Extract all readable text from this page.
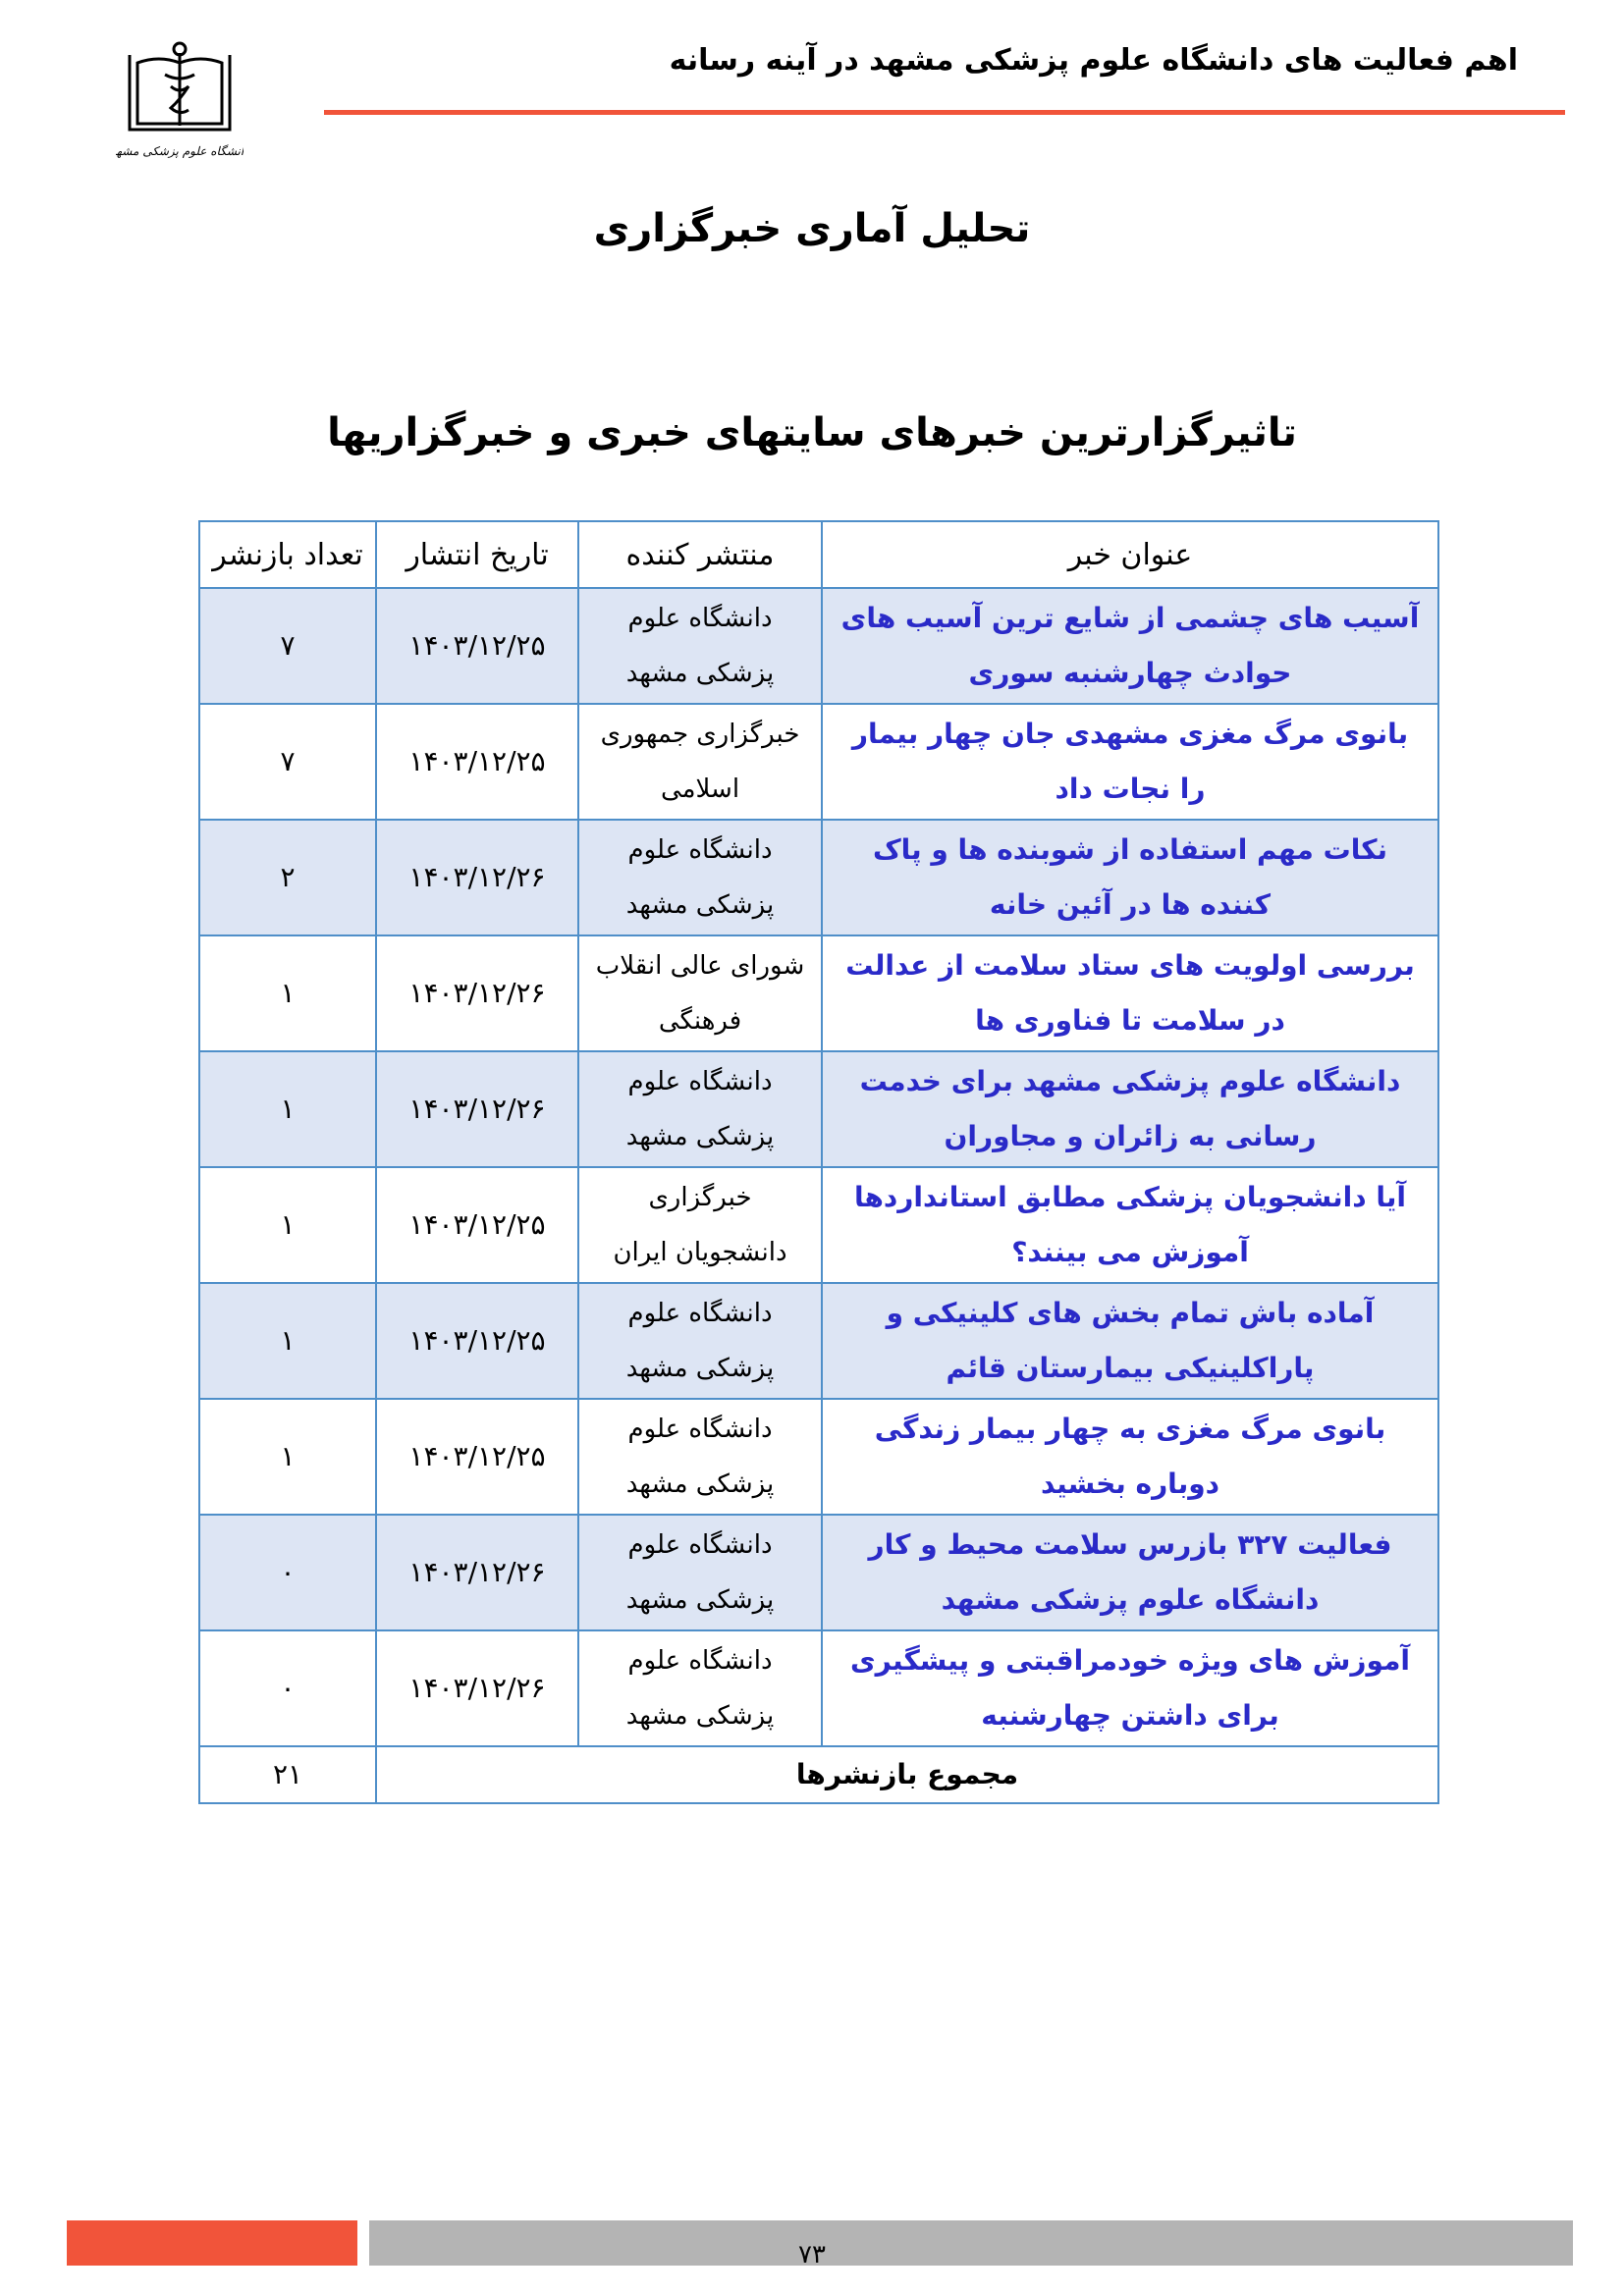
اهم فعالیت های دانشگاه علوم پزشکی مشهد در آینه رسانه
دانشگاه علوم پزشکی مشهد
تحلیل آماری خبرگزاری
تاثیرگزارترین خبرهای سایتهای خبری و خبرگزاریها
عنوان خبر	منتشر کننده	تاریخ انتشار	تعداد بازنشر
آسیب های چشمی از شایع ترین آسیب های حوادث چهارشنبه سوری	دانشگاه علوم پزشکی مشهد	۱۴۰۳/۱۲/۲۵	۷
بانوی مرگ مغزی مشهدی جان چهار بیمار را نجات داد	خبرگزاری جمهوری اسلامی	۱۴۰۳/۱۲/۲۵	۷
نکات مهم استفاده از شوبنده ها و پاک کننده ها در آئین خانه	دانشگاه علوم پزشکی مشهد	۱۴۰۳/۱۲/۲۶	۲
بررسی اولویت های ستاد سلامت از عدالت در سلامت تا فناوری ها	شورای عالی انقلاب فرهنگی	۱۴۰۳/۱۲/۲۶	۱
دانشگاه علوم پزشکی مشهد برای خدمت رسانی به زائران و مجاوران	دانشگاه علوم پزشکی مشهد	۱۴۰۳/۱۲/۲۶	۱
آیا دانشجویان پزشکی مطابق استانداردها آموزش می بینند؟	خبرگزاری دانشجویان ایران	۱۴۰۳/۱۲/۲۵	۱
آماده باش تمام بخش های کلینیکی و پاراکلینیکی بیمارستان قائم	دانشگاه علوم پزشکی مشهد	۱۴۰۳/۱۲/۲۵	۱
بانوی مرگ مغزی به چهار بیمار زندگی دوباره بخشید	دانشگاه علوم پزشکی مشهد	۱۴۰۳/۱۲/۲۵	۱
فعالیت ۳۲۷ بازرس سلامت محیط و کار دانشگاه علوم پزشکی مشهد	دانشگاه علوم پزشکی مشهد	۱۴۰۳/۱۲/۲۶	۰
آموزش های ویژه خودمراقبتی و پیشگیری برای داشتن چهارشنبه	دانشگاه علوم پزشکی مشهد	۱۴۰۳/۱۲/۲۶	۰
مجموع بازنشرها			۲۱
۷۳
